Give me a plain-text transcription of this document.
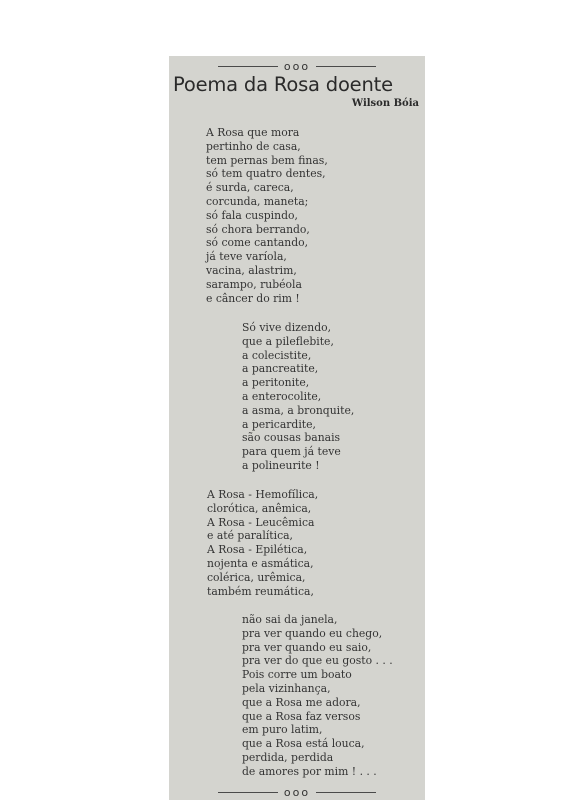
ooo
Poema da Rosa doente
Wilson Bóia
A Rosa que mora
pertinho de casa,
tem pernas bem finas,
só tem quatro dentes,
é surda, careca,
corcunda, maneta;
só fala cuspindo,
só chora berrando,
só come cantando,
já teve varíola,
vacina, alastrim,
sarampo, rubéola
e câncer do rim !
Só vive dizendo,
que a pileflebite,
a colecistite,
a pancreatite,
a peritonite,
a enterocolite,
a asma, a bronquite,
a pericardite,
são cousas banais
para quem já teve
a polineurite !
A Rosa - Hemofílica,
clorótica, anêmica,
A Rosa - Leucêmica
e até paralítica,
A Rosa - Epilética,
nojenta e asmática,
colérica, urêmica,
também reumática,
não sai da janela,
pra ver quando eu chego,
pra ver quando eu saio,
pra ver do que eu gosto . . .
Pois corre um boato
pela vizinhança,
que a Rosa me adora,
que a Rosa faz versos
em puro latim,
que a Rosa está louca,
perdida, perdida
de amores por mim ! . . .
ooo
